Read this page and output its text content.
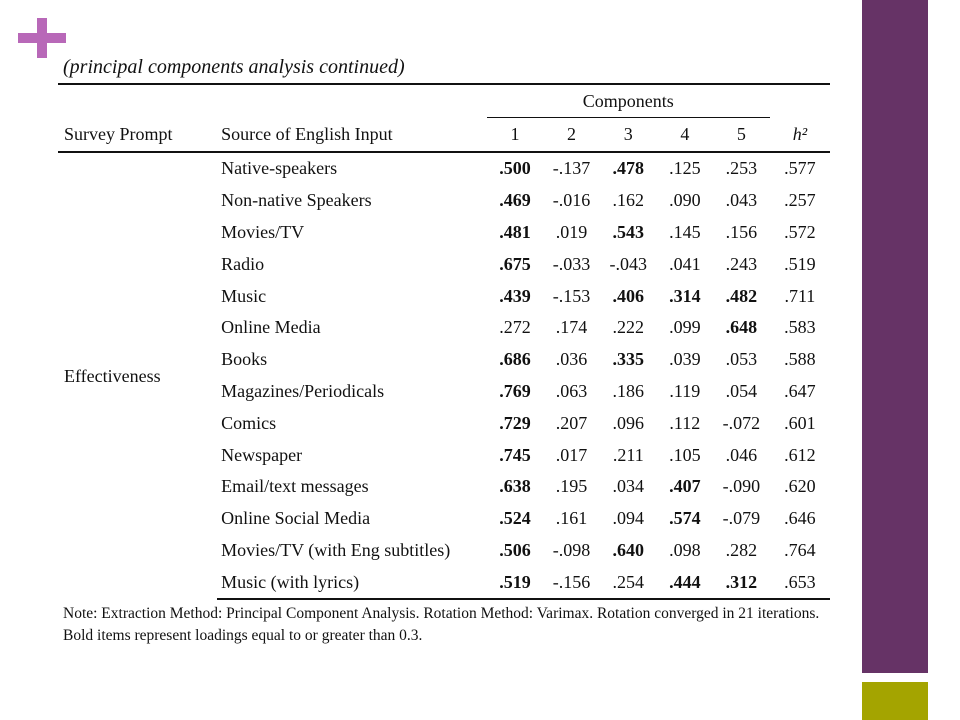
(principal components analysis continued)
		Components					
Survey Prompt	Source of English Input	1	2	3	4	5	h²
Effectiveness	Native-speakers	.500	-.137	.478	.125	.253	.577
	Non-native Speakers	.469	-.016	.162	.090	.043	.257
	Movies/TV	.481	.019	.543	.145	.156	.572
	Radio	.675	-.033	-.043	.041	.243	.519
	Music	.439	-.153	.406	.314	.482	.711
	Online Media	.272	.174	.222	.099	.648	.583
	Books	.686	.036	.335	.039	.053	.588
	Magazines/Periodicals	.769	.063	.186	.119	.054	.647
	Comics	.729	.207	.096	.112	-.072	.601
	Newspaper	.745	.017	.211	.105	.046	.612
	Email/text messages	.638	.195	.034	.407	-.090	.620
	Online Social Media	.524	.161	.094	.574	-.079	.646
	Movies/TV (with Eng subtitles)	.506	-.098	.640	.098	.282	.764
	Music (with lyrics)	.519	-.156	.254	.444	.312	.653
Note: Extraction Method: Principal Component Analysis. Rotation Method: Varimax. Rotation converged in 21 iterations. Bold items represent loadings equal to or greater than 0.3.
